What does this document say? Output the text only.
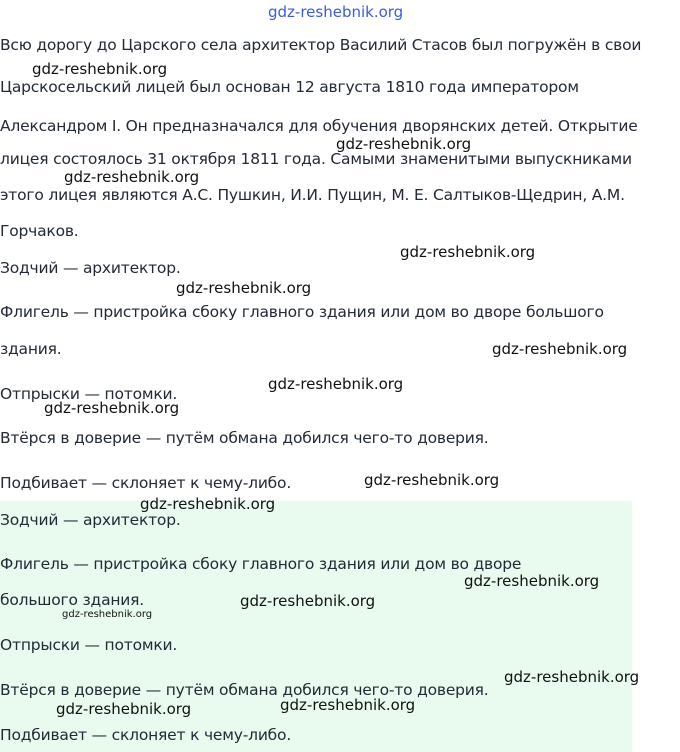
gdz-reshebnik.org
Всю дорогу до Царского села архитектор Василий Стасов был погружён в свои
Царскосельский лицей был основан 12 августа 1810 года императором
Александром I. Он предназначался для обучения дворянских детей. Открытие
лицея состоялось 31 октября 1811 года. Самыми знаменитыми выпускниками
этого лицея являются А.С. Пушкин, И.И. Пущин, М. Е. Салтыков-Щедрин, А.М.
Горчаков.
Зодчий — архитектор.
Флигель — пристройка сбоку главного здания или дом во дворе большого
здания.
Отпрыски — потомки.
Втёрся в доверие — путём обмана добился чего-то доверия.
Подбивает — склоняет к чему-либо.
Зодчий — архитектор.
Флигель — пристройка сбоку главного здания или дом во дворе
большого здания.
Отпрыски — потомки.
Втёрся в доверие — путём обмана добился чего-то доверия.
Подбивает — склоняет к чему-либо.
gdz-reshebnik.org
gdz-reshebnik.org
gdz-reshebnik.org
gdz-reshebnik.org
gdz-reshebnik.org
gdz-reshebnik.org
gdz-reshebnik.org
gdz-reshebnik.org
gdz-reshebnik.org
gdz-reshebnik.org
gdz-reshebnik.org
gdz-reshebnik.org
gdz-reshebnik.org
gdz-reshebnik.org
gdz-reshebnik.org	gdz-reshebnik.org
